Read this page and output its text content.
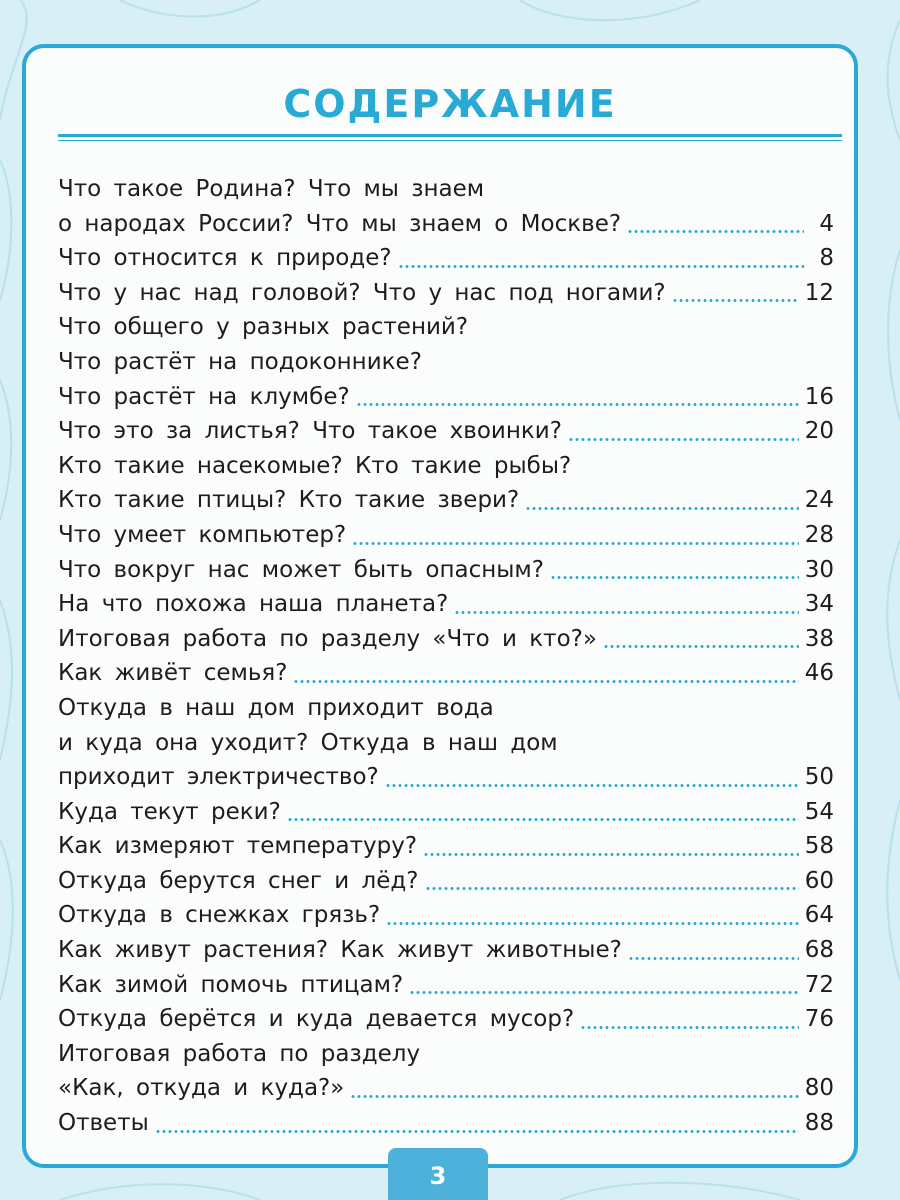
СОДЕРЖАНИЕ
Что такое Родина? Что мы знаем
о народах России? Что мы знаем о Москве?	4
Что относится к природе?	8
Что у нас над головой? Что у нас под ногами?	12
Что общего у разных растений?
Что растёт на подоконнике?
Что растёт на клумбе?	16
Что это за листья? Что такое хвоинки?	20
Кто такие насекомые? Кто такие рыбы?
Кто такие птицы? Кто такие звери?	24
Что умеет компьютер?	28
Что вокруг нас может быть опасным?	30
На что похожа наша планета?	34
Итоговая работа по разделу «Что и кто?»	38
Как живёт семья?	46
Откуда в наш дом приходит вода
и куда она уходит? Откуда в наш дом
приходит электричество?	50
Куда текут реки?	54
Как измеряют температуру?	58
Откуда берутся снег и лёд?	60
Откуда в снежках грязь?	64
Как живут растения? Как живут животные?	68
Как зимой помочь птицам?	72
Откуда берётся и куда девается мусор?	76
Итоговая работа по разделу
«Как, откуда и куда?»	80
Ответы	88
3
